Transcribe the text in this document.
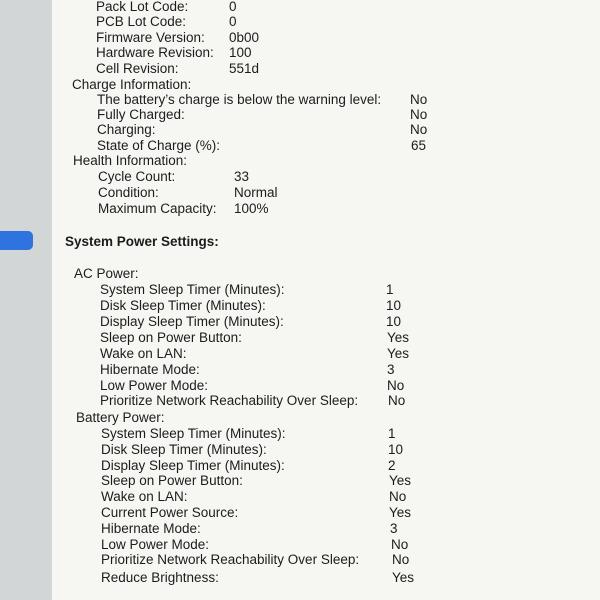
Pack Lot Code:	0
PCB Lot Code:	0
Firmware Version: 0b00
Hardware Revision: 100
Cell Revision:	551d
Charge Information:
The battery’s charge is below the warning level: No
Fully Charged:	No
Charging:	No
State of Charge (%):	65
Health Information:
Cycle Count:	33
Condition:	Normal
Maximum Capacity: 100%
System Power Settings:
AC Power:
System Sleep Timer (Minutes):	1
Disk Sleep Timer (Minutes):	10
Display Sleep Timer (Minutes):	10
Sleep on Power Button:	Yes
Wake on LAN:	Yes
Hibernate Mode:	3
Low Power Mode:	No
Prioritize Network Reachability Over Sleep: No
Battery Power:
System Sleep Timer (Minutes):	1
Disk Sleep Timer (Minutes):	10
Display Sleep Timer (Minutes):	2
Sleep on Power Button:	Yes
Wake on LAN:	No
Current Power Source:	Yes
Hibernate Mode:	3
Low Power Mode:	No
Prioritize Network Reachability Over Sleep: No
Reduce Brightness:	Yes
